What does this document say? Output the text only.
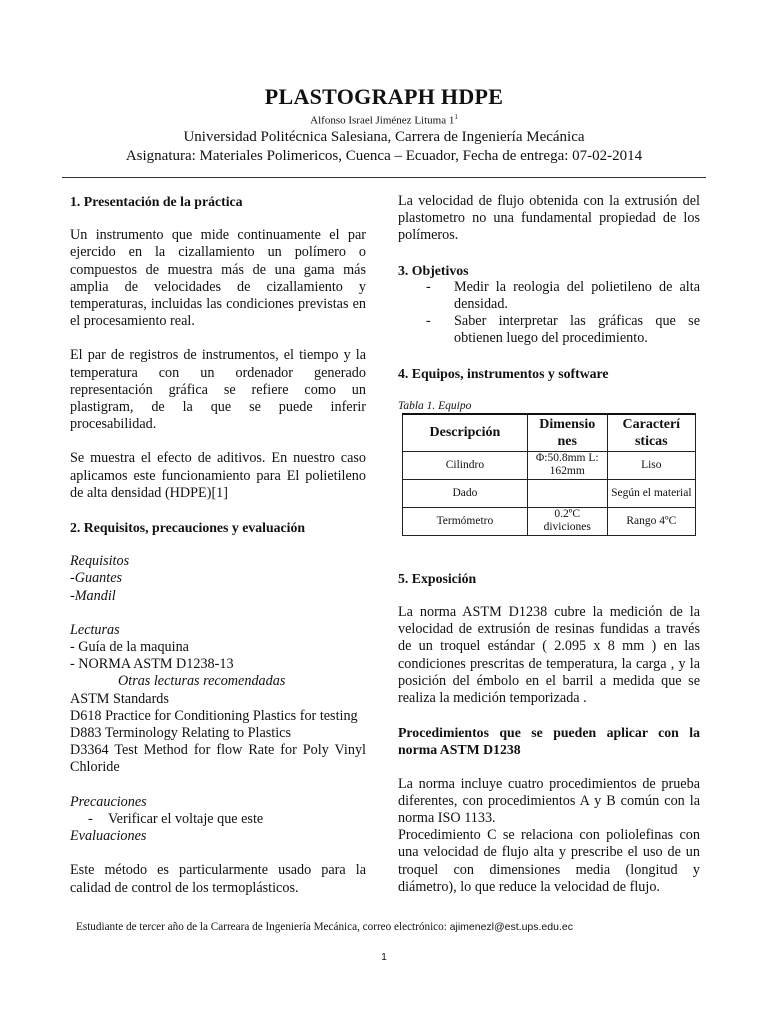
PLASTOGRAPH HDPE
Alfonso Israel Jiménez Lituma $1^1$
Universidad Politécnica Salesiana, Carrera de Ingeniería Mecánica
Asignatura: Materiales Polimericos, Cuenca – Ecuador, Fecha de entrega: 07-02-2014

1. Presentación de la práctica

Un instrumento que mide continuamente el par ejercido en la cizallamiento un polímero o compuestos de muestra más de una gama más amplia de velocidades de cizallamiento y temperaturas, incluidas las condiciones previstas en el procesamiento real.

El par de registros de instrumentos, el tiempo y la temperatura con un ordenador generado representación gráfica se refiere como un plastigram, de la que se puede inferir procesabilidad.

Se muestra el efecto de aditivos. En nuestro caso aplicamos este funcionamiento para El polietileno de alta densidad (HDPE)[1]

2. Requisitos, precauciones y evaluación

Requisitos

-Guantes

-Mandil

Lecturas

- Guía de la maquina

- NORMA ASTM D1238-13

Otras lecturas recomendadas

ASTM Standards

D618 Practice for Conditioning Plastics for testing

D883 Terminology Relating to Plastics

D3364 Test Method for flow Rate for Poly Vinyl Chloride

Precauciones

- Verificar el voltaje que este

Evaluaciones

Este método es particularmente usado para la calidad de control de los termoplásticos.

La velocidad de flujo obtenida con la extrusión del plastometro no una fundamental propiedad de los polímeros.

3. Objetivos

- Medir la reologia del polietileno de alta densidad.
- Saber interpretar las gráficas que se obtienen luego del procedimiento.

4. Equipos, instrumentos y software

Tabla 1. Equipo

Descripción	Dimensio nes	Caracterí sticas
Cilindro	Φ:50.8mm L: 162mm	Liso
Dado		Según el material
Termómetro	0.2ºC diviciones	Rango 4ºC

5. Exposición

La norma ASTM D1238 cubre la medición de la velocidad de extrusión de resinas fundidas a través de un troquel estándar ( 2.095 x 8 mm ) en las condiciones prescritas de temperatura, la carga , y la posición del émbolo en el barril a medida que se realiza la medición temporizada .

Procedimientos que se pueden aplicar con la norma ASTM D1238

La norma incluye cuatro procedimientos de prueba diferentes, con procedimientos A y B común con la norma ISO 1133.

Procedimiento C se relaciona con poliolefinas con una velocidad de flujo alta y prescribe el uso de un troquel con dimensiones media (longitud y diámetro), lo que reduce la velocidad de flujo.

Estudiante de tercer año de la Carreara de Ingeniería Mecánica, correo electrónico: ajimenezl@est.ups.edu.ec
1
